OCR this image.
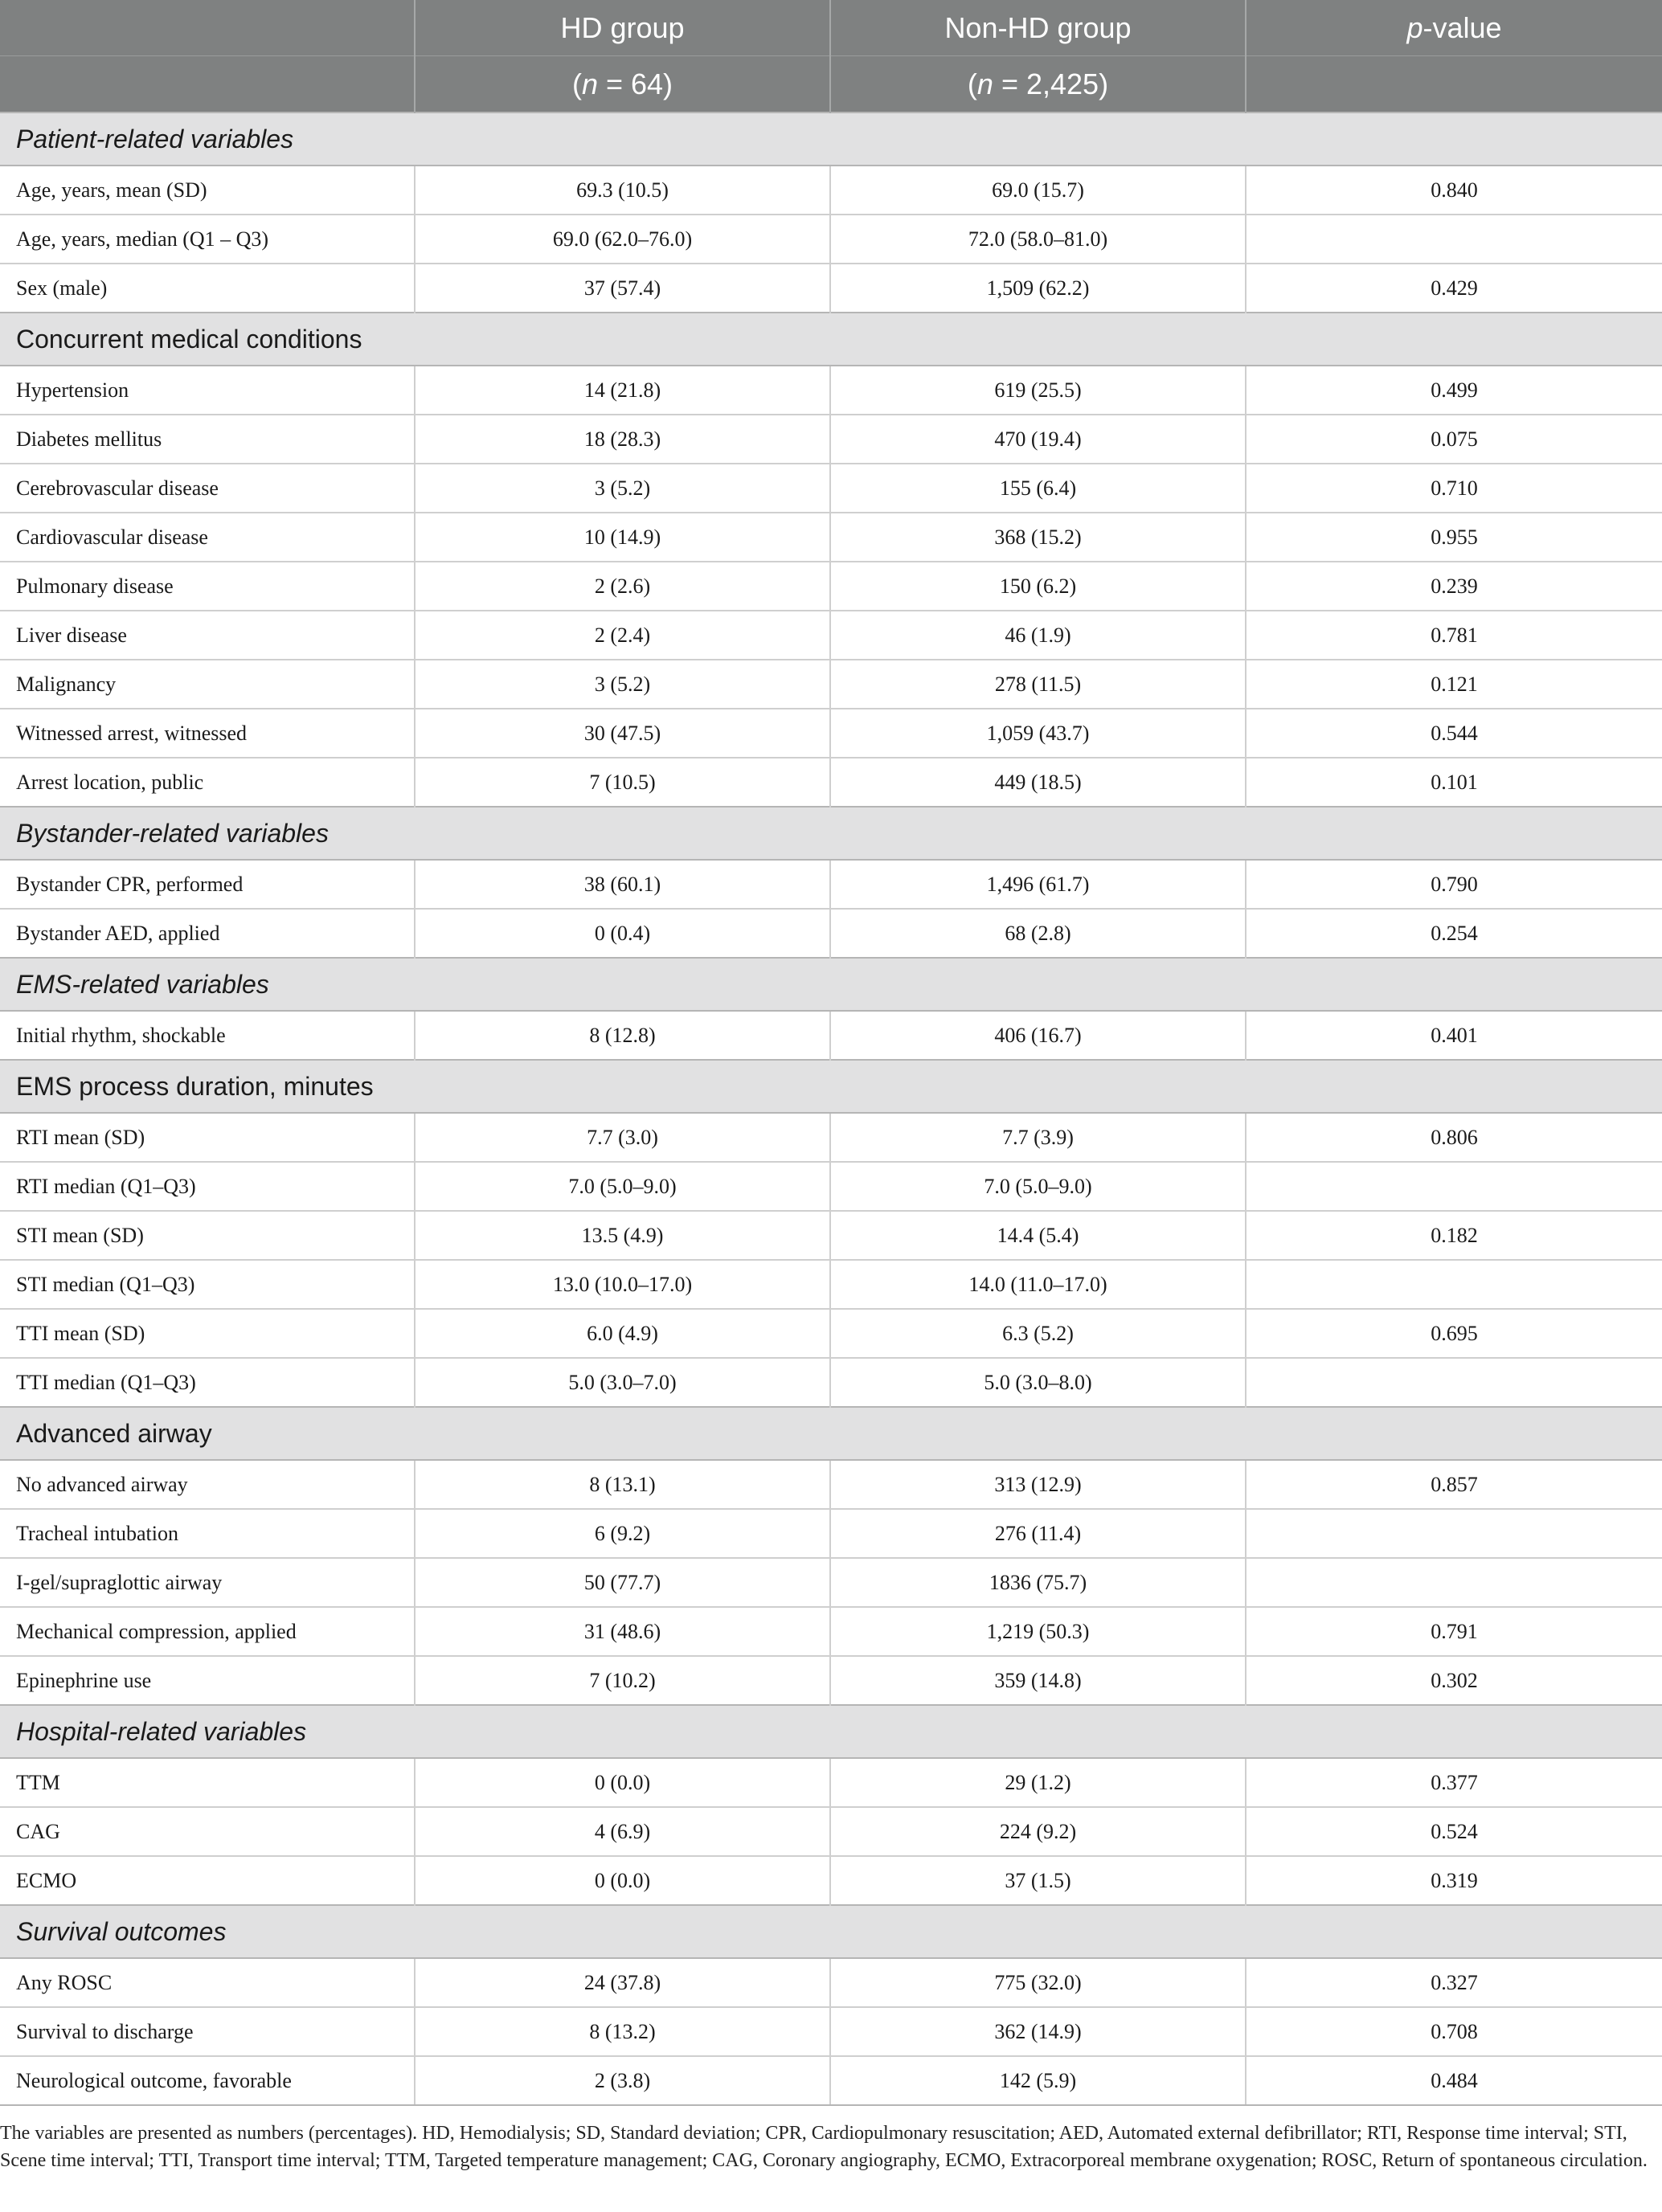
	HD group	Non-HD group	p-value
	(n = 64)	(n = 2,425)	
Patient-related variables			
Age, years, mean (SD)	69.3 (10.5)	69.0 (15.7)	0.840
Age, years, median (Q1 – Q3)	69.0 (62.0–76.0)	72.0 (58.0–81.0)	
Sex (male)	37 (57.4)	1,509 (62.2)	0.429
Concurrent medical conditions			
Hypertension	14 (21.8)	619 (25.5)	0.499
Diabetes mellitus	18 (28.3)	470 (19.4)	0.075
Cerebrovascular disease	3 (5.2)	155 (6.4)	0.710
Cardiovascular disease	10 (14.9)	368 (15.2)	0.955
Pulmonary disease	2 (2.6)	150 (6.2)	0.239
Liver disease	2 (2.4)	46 (1.9)	0.781
Malignancy	3 (5.2)	278 (11.5)	0.121
Witnessed arrest, witnessed	30 (47.5)	1,059 (43.7)	0.544
Arrest location, public	7 (10.5)	449 (18.5)	0.101
Bystander-related variables			
Bystander CPR, performed	38 (60.1)	1,496 (61.7)	0.790
Bystander AED, applied	0 (0.4)	68 (2.8)	0.254
EMS-related variables			
Initial rhythm, shockable	8 (12.8)	406 (16.7)	0.401
EMS process duration, minutes			
RTI mean (SD)	7.7 (3.0)	7.7 (3.9)	0.806
RTI median (Q1–Q3)	7.0 (5.0–9.0)	7.0 (5.0–9.0)	
STI mean (SD)	13.5 (4.9)	14.4 (5.4)	0.182
STI median (Q1–Q3)	13.0 (10.0–17.0)	14.0 (11.0–17.0)	
TTI mean (SD)	6.0 (4.9)	6.3 (5.2)	0.695
TTI median (Q1–Q3)	5.0 (3.0–7.0)	5.0 (3.0–8.0)	
Advanced airway			
No advanced airway	8 (13.1)	313 (12.9)	0.857
Tracheal intubation	6 (9.2)	276 (11.4)	
I-gel/supraglottic airway	50 (77.7)	1836 (75.7)	
Mechanical compression, applied	31 (48.6)	1,219 (50.3)	0.791
Epinephrine use	7 (10.2)	359 (14.8)	0.302
Hospital-related variables			
TTM	0 (0.0)	29 (1.2)	0.377
CAG	4 (6.9)	224 (9.2)	0.524
ECMO	0 (0.0)	37 (1.5)	0.319
Survival outcomes			
Any ROSC	24 (37.8)	775 (32.0)	0.327
Survival to discharge	8 (13.2)	362 (14.9)	0.708
Neurological outcome, favorable	2 (3.8)	142 (5.9)	0.484
The variables are presented as numbers (percentages). HD, Hemodialysis; SD, Standard deviation; CPR, Cardiopulmonary resuscitation; AED, Automated external defibrillator; RTI, Response time interval; STI, Scene time interval; TTI, Transport time interval; TTM, Targeted temperature management; CAG, Coronary angiography, ECMO, Extracorporeal membrane oxygenation; ROSC, Return of spontaneous circulation.
